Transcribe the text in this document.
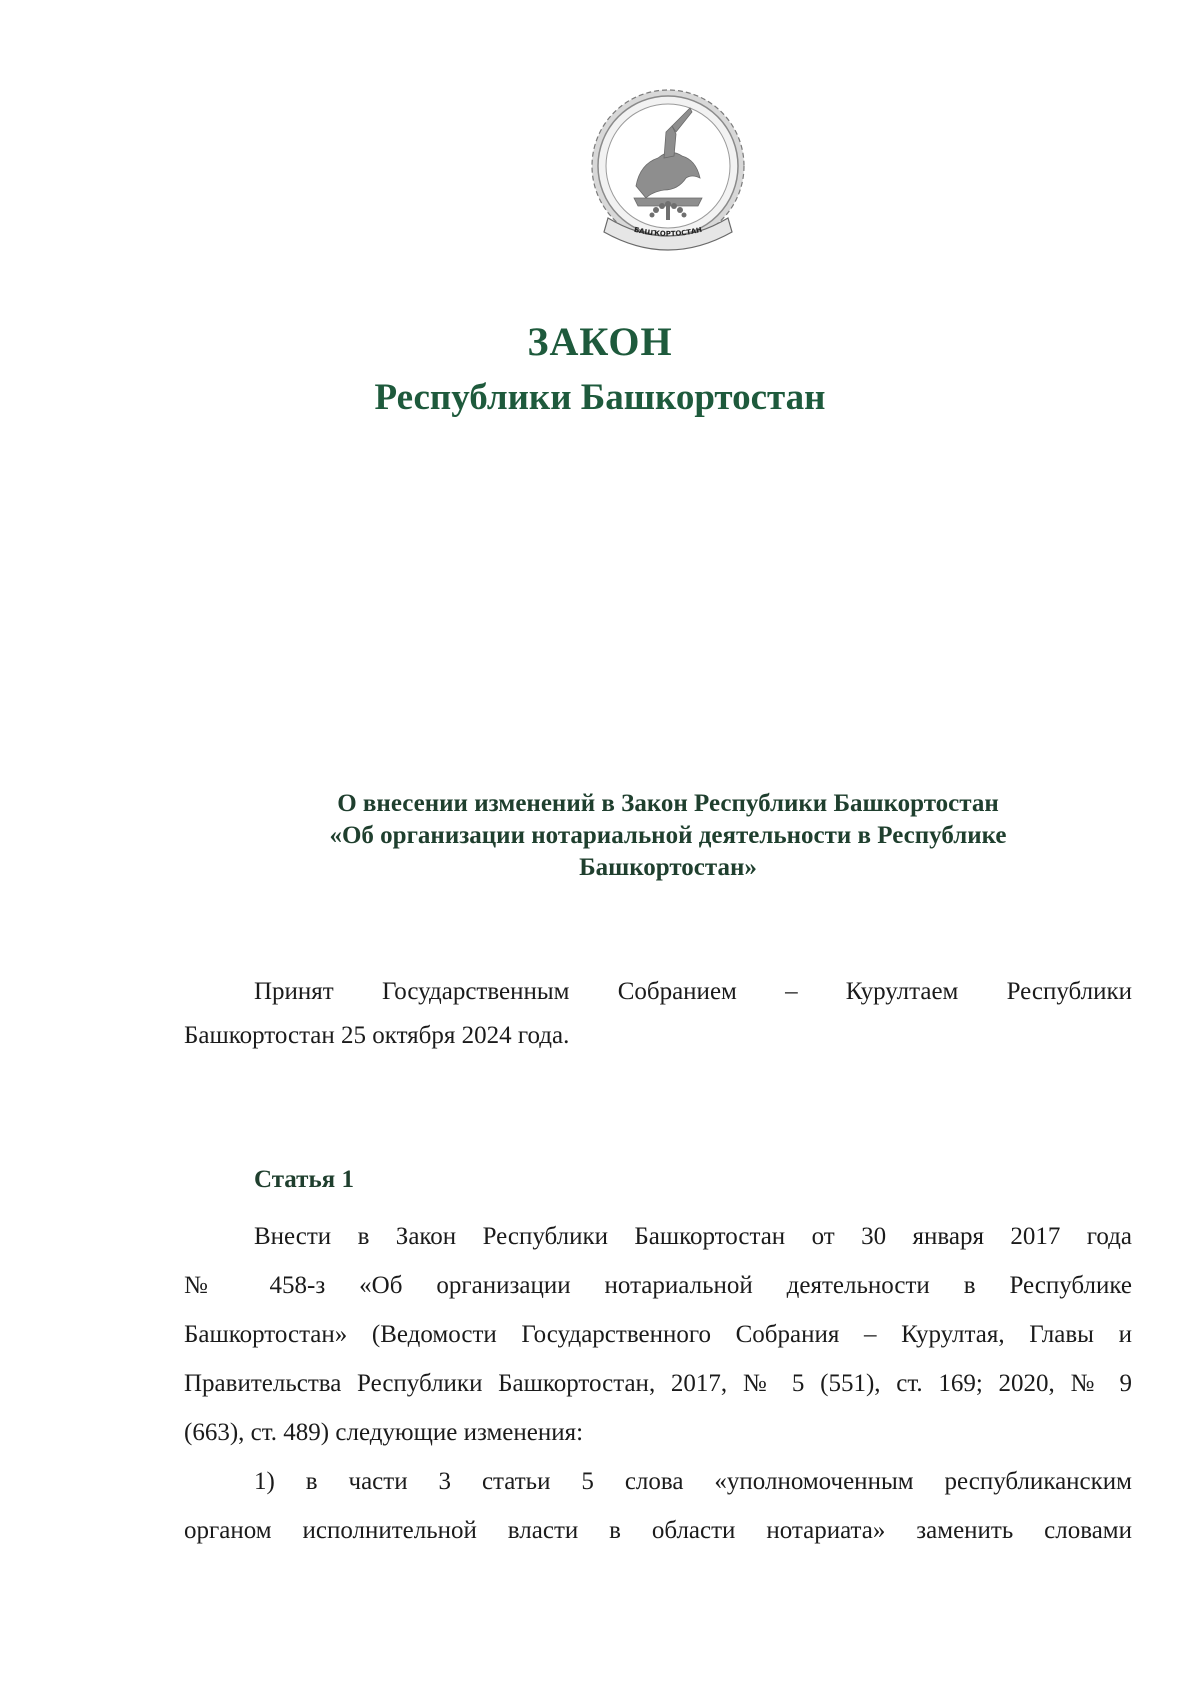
БАШҠОРТОСТАН
ЗАКОН
Республики Башкортостан
О внесении изменений в Закон Республики Башкортостан
«Об организации нотариальной деятельности в Республике
Башкортостан»
Принят Государственным Собранием – Курултаем Республики
Башкортостан 25 октября 2024 года.
Статья 1
Внести в Закон Республики Башкортостан от 30 января 2017 года
№ 458-з «Об организации нотариальной деятельности в Республике
Башкортостан» (Ведомости Государственного Собрания – Курултая, Главы и
Правительства Республики Башкортостан, 2017, № 5 (551), ст. 169; 2020, № 9
(663), ст. 489) следующие изменения:
1) в части 3 статьи 5 слова «уполномоченным республиканским
органом исполнительной власти в области нотариата» заменить словами
